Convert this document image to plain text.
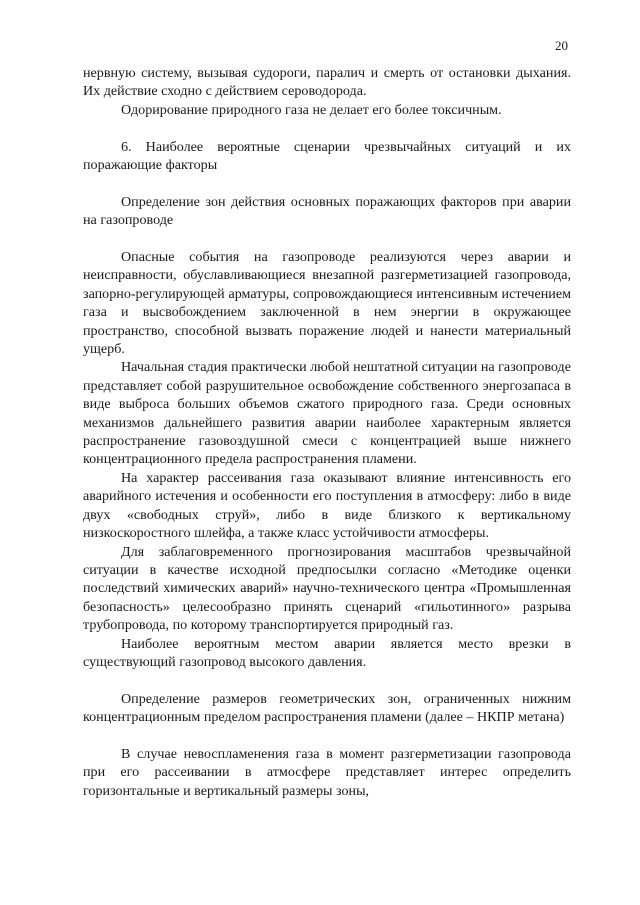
20

нервную систему, вызывая судороги, паралич и смерть от остановки дыхания. Их действие сходно с действием сероводорода.

Одорирование природного газа не делает его более токсичным.

6. Наиболее вероятные сценарии чрезвычайных ситуаций и их поражающие факторы

Определение зон действия основных поражающих факторов при аварии на газопроводе

Опасные события на газопроводе реализуются через аварии и неисправности, обуславливающиеся внезапной разгерметизацией газопровода, запорно-регулирующей арматуры, сопровождающиеся интенсивным истечением газа и высвобождением заключенной в нем энергии в окружающее пространство, способной вызвать поражение людей и нанести материальный ущерб.

Начальная стадия практически любой нештатной ситуации на газопроводе представляет собой разрушительное освобождение собственного энергозапаса в виде выброса больших объемов сжатого природного газа. Среди основных механизмов дальнейшего развития аварии наиболее характерным является распространение газовоздушной смеси с концентрацией выше нижнего концентрационного предела распространения пламени.

На характер рассеивания газа оказывают влияние интенсивность его аварийного истечения и особенности его поступления в атмосферу: либо в виде двух «свободных струй», либо в виде близкого к вертикальному низкоскоростного шлейфа, а также класс устойчивости атмосферы.

Для заблаговременного прогнозирования масштабов чрезвычайной ситуации в качестве исходной предпосылки согласно «Методике оценки последствий химических аварий» научно-технического центра «Промышленная безопасность» целесообразно принять сценарий «гильотинного» разрыва трубопровода, по которому транспортируется природный газ.

Наиболее вероятным местом аварии является место врезки в существующий газопровод высокого давления.

Определение размеров геометрических зон, ограниченных нижним концентрационным пределом распространения пламени (далее – НКПР метана)

В случае невоспламенения газа в момент разгерметизации газопровода при его рассеивании в атмосфере представляет интерес определить горизонтальные и вертикальный размеры зоны,
